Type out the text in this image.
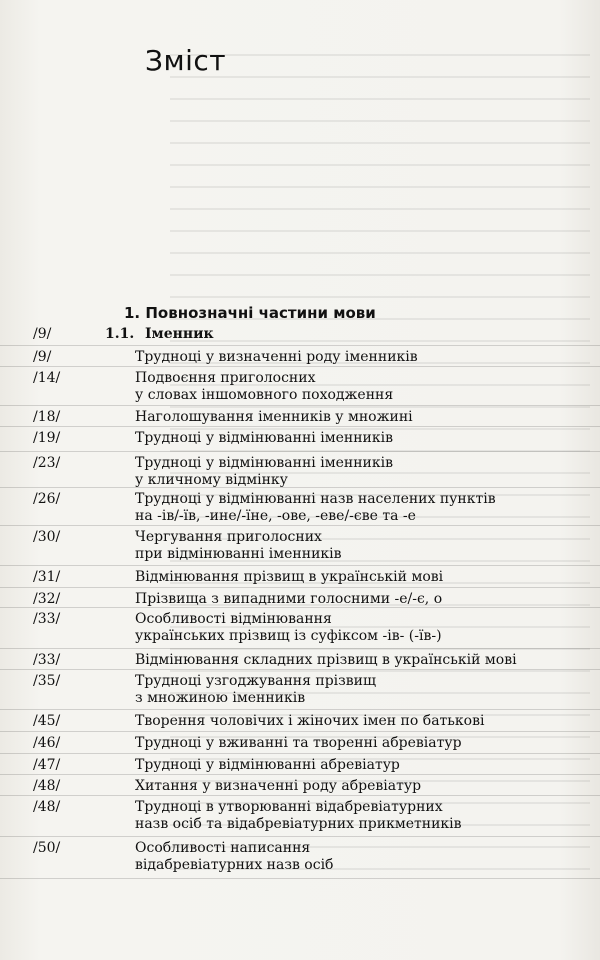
Зміст
1. Повнозначні частини мови
/9/	1.1. Іменник
/9/	Трудноці у визначенні роду іменників
/14/	Подвоєння приголосних
у словах іншомовного походження
/18/	Наголошування іменників у множині
/19/	Трудноці у відмінюванні іменників
/23/	Трудноці у відмінюванні іменників
у кличному відмінку
/26/	Трудноці у відмінюванні назв населених пунктів
на -ів/-їв, -ине/-їне, -ове, -еве/-єве та -е
/30/	Чергування приголосних
при відмінюванні іменників
/31/	Відмінювання прізвищ в українській мові
/32/	Прізвища з випадними голосними -е/-є, о
/33/	Особливості відмінювання
українських прізвищ із суфіксом -ів- (-їв-)
/33/	Відмінювання складних прізвищ в українській мові
/35/	Трудноці узгоджування прізвищ
з множиною іменників
/45/	Творення чоловічих і жіночих імен по батькові
/46/	Трудноці у вживанні та творенні абревіатур
/47/	Трудноці у відмінюванні абревіатур
/48/	Хитання у визначенні роду абревіатур
/48/	Трудноці в утворюванні відабревіатурних
назв осіб та відабревіатурних прикметників
/50/	Особливості написання
відабревіатурних назв осіб
